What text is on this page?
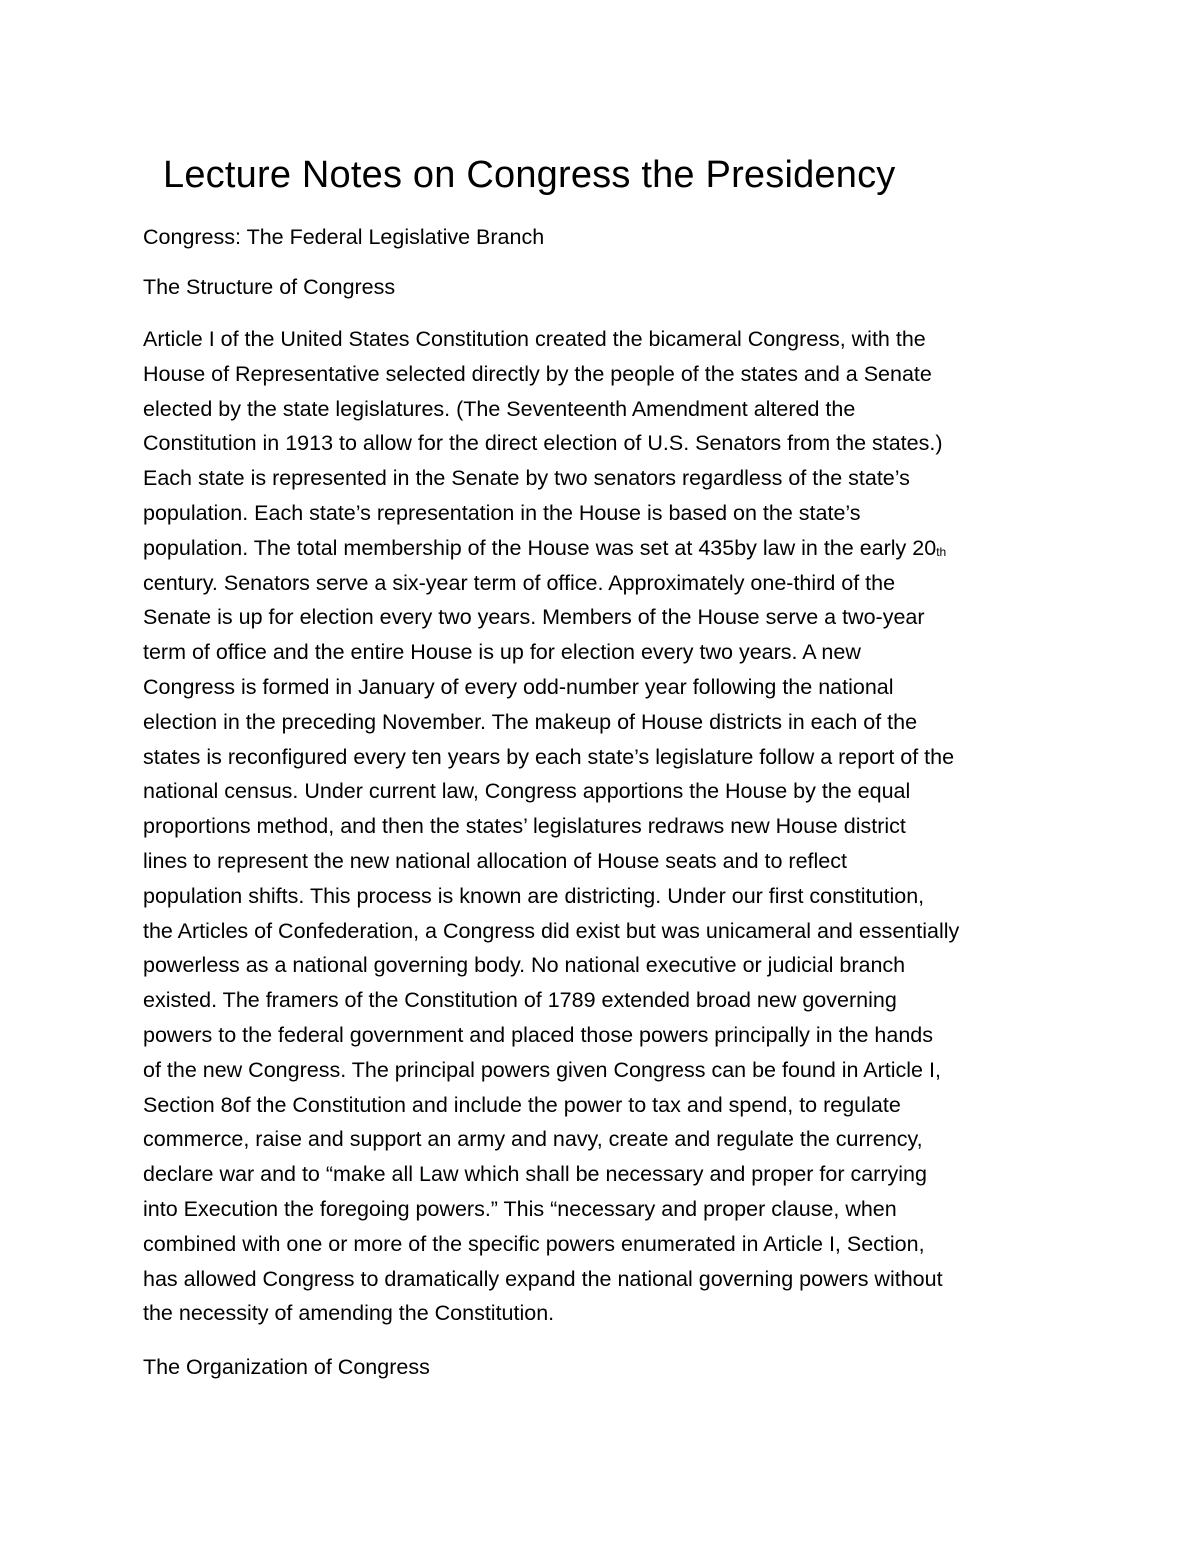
Lecture Notes on Congress the Presidency

Congress: The Federal Legislative Branch

The Structure of Congress

Article I of the United States Constitution created the bicameral Congress, with the
House of Representative selected directly by the people of the states and a Senate
elected by the state legislatures. (The Seventeenth Amendment altered the
Constitution in 1913 to allow for the direct election of U.S. Senators from the states.)
Each state is represented in the Senate by two senators regardless of the state’s
population. Each state’s representation in the House is based on the state’s
population. The total membership of the House was set at 435by law in the early 20th
century. Senators serve a six-year term of office. Approximately one-third of the
Senate is up for election every two years. Members of the House serve a two-year
term of office and the entire House is up for election every two years. A new
Congress is formed in January of every odd-number year following the national
election in the preceding November. The makeup of House districts in each of the
states is reconfigured every ten years by each state’s legislature follow a report of the
national census. Under current law, Congress apportions the House by the equal
proportions method, and then the states’ legislatures redraws new House district
lines to represent the new national allocation of House seats and to reflect
population shifts. This process is known are districting. Under our first constitution,
the Articles of Confederation, a Congress did exist but was unicameral and essentially
powerless as a national governing body. No national executive or judicial branch
existed. The framers of the Constitution of 1789 extended broad new governing
powers to the federal government and placed those powers principally in the hands
of the new Congress. The principal powers given Congress can be found in Article I,
Section 8of the Constitution and include the power to tax and spend, to regulate
commerce, raise and support an army and navy, create and regulate the currency,
declare war and to “make all Law which shall be necessary and proper for carrying
into Execution the foregoing powers.” This “necessary and proper clause, when
combined with one or more of the specific powers enumerated in Article I, Section,
has allowed Congress to dramatically expand the national governing powers without
the necessity of amending the Constitution.

The Organization of Congress
